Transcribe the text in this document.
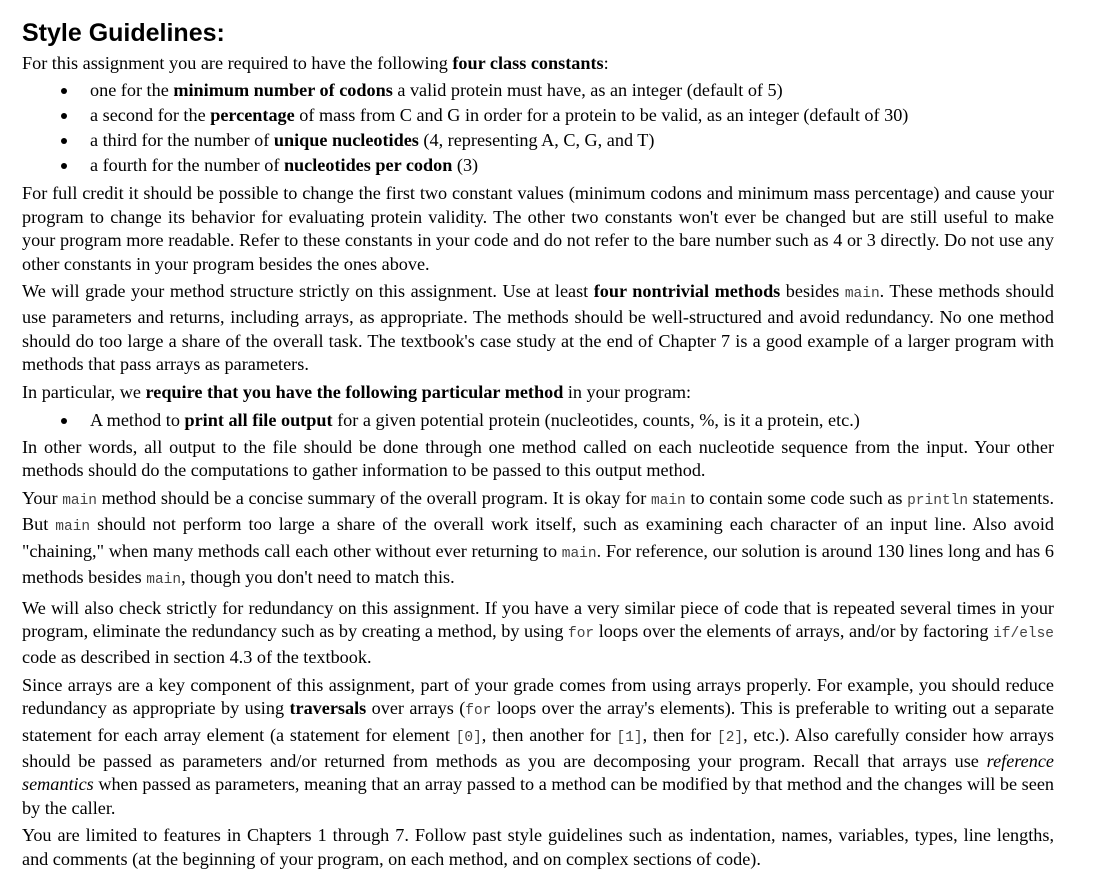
Style Guidelines:

For this assignment you are required to have the following four class constants:

one for the minimum number of codons a valid protein must have, as an integer (default of 5)
a second for the percentage of mass from C and G in order for a protein to be valid, as an integer (default of 30)
a third for the number of unique nucleotides (4, representing A, C, G, and T)
a fourth for the number of nucleotides per codon (3)

For full credit it should be possible to change the first two constant values (minimum codons and minimum mass percentage) and cause your program to change its behavior for evaluating protein validity. The other two constants won't ever be changed but are still useful to make your program more readable. Refer to these constants in your code and do not refer to the bare number such as 4 or 3 directly. Do not use any other constants in your program besides the ones above.

We will grade your method structure strictly on this assignment. Use at least four nontrivial methods besides main. These methods should use parameters and returns, including arrays, as appropriate. The methods should be well-structured and avoid redundancy. No one method should do too large a share of the overall task. The textbook's case study at the end of Chapter 7 is a good example of a larger program with methods that pass arrays as parameters.

In particular, we require that you have the following particular method in your program:

A method to print all file output for a given potential protein (nucleotides, counts, %, is it a protein, etc.)

In other words, all output to the file should be done through one method called on each nucleotide sequence from the input. Your other methods should do the computations to gather information to be passed to this output method.

Your main method should be a concise summary of the overall program. It is okay for main to contain some code such as println statements. But main should not perform too large a share of the overall work itself, such as examining each character of an input line. Also avoid "chaining," when many methods call each other without ever returning to main. For reference, our solution is around 130 lines long and has 6 methods besides main, though you don't need to match this.

We will also check strictly for redundancy on this assignment. If you have a very similar piece of code that is repeated several times in your program, eliminate the redundancy such as by creating a method, by using for loops over the elements of arrays, and/or by factoring if/else code as described in section 4.3 of the textbook.

Since arrays are a key component of this assignment, part of your grade comes from using arrays properly. For example, you should reduce redundancy as appropriate by using traversals over arrays (for loops over the array's elements). This is preferable to writing out a separate statement for each array element (a statement for element [0], then another for [1], then for [2], etc.). Also carefully consider how arrays should be passed as parameters and/or returned from methods as you are decomposing your program. Recall that arrays use reference semantics when passed as parameters, meaning that an array passed to a method can be modified by that method and the changes will be seen by the caller.

You are limited to features in Chapters 1 through 7. Follow past style guidelines such as indentation, names, variables, types, line lengths, and comments (at the beginning of your program, on each method, and on complex sections of code).
